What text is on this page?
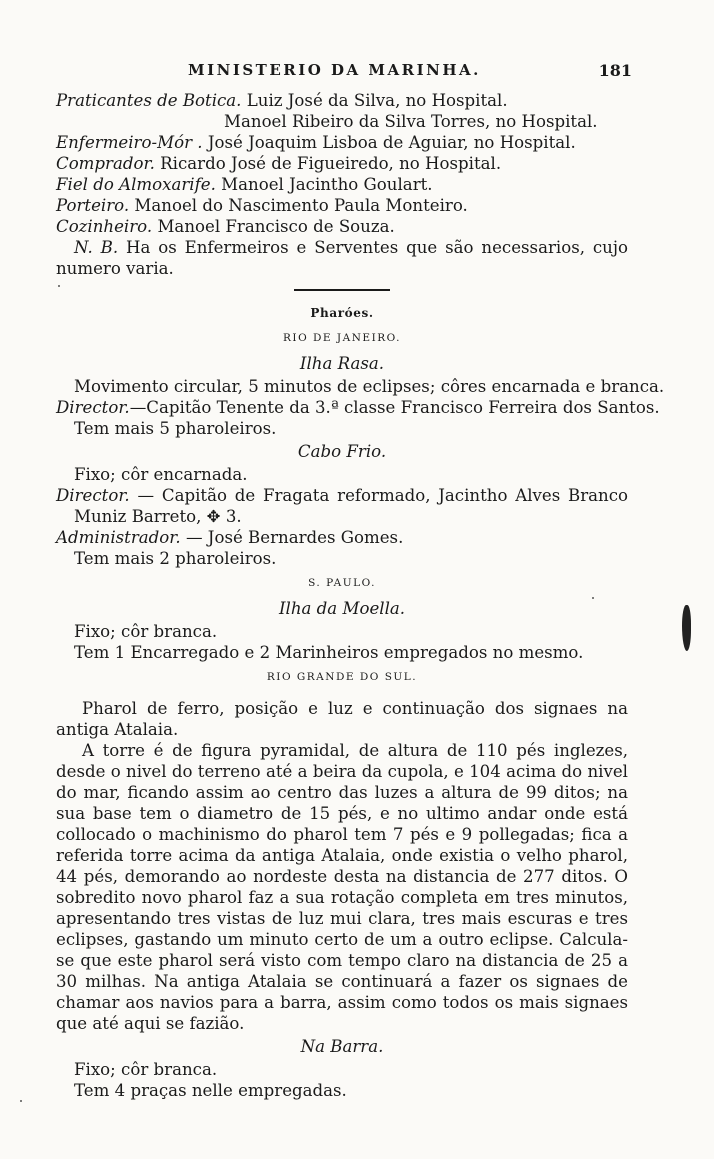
MINISTERIO DA MARINHA.	181
Praticantes de Botica. Luiz José da Silva, no Hospital.
Manoel Ribeiro da Silva Torres, no Hospital.
Enfermeiro-Mór . José Joaquim Lisboa de Aguiar, no Hospital.
Comprador. Ricardo José de Figueiredo, no Hospital.
Fiel do Almoxarife. Manoel Jacintho Goulart.
Porteiro. Manoel do Nascimento Paula Monteiro.
Cozinheiro. Manoel Francisco de Souza.
N. B. Ha os Enfermeiros e Serventes que são necessarios, cujo
numero varia.
Pharóes.
RIO DE JANEIRO.
Ilha Rasa.
Movimento circular, 5 minutos de eclipses; côres encarnada e branca.
Director.—Capitão Tenente da 3.ª classe Francisco Ferreira dos Santos.
Tem mais 5 pharoleiros.
Cabo Frio.
Fixo; côr encarnada.
Director. — Capitão de Fragata reformado, Jacintho Alves Branco
Muniz Barreto, ✥ 3.
Administrador. — José Bernardes Gomes.
Tem mais 2 pharoleiros.
S. PAULO.
Ilha da Moella.
Fixo; côr branca.
Tem 1 Encarregado e 2 Marinheiros empregados no mesmo.
RIO GRANDE DO SUL.
Pharol de ferro, posição e luz e continuação dos signaes na antiga Atalaia.
A torre é de figura pyramidal, de altura de 110 pés inglezes, desde o nivel do terreno até a beira da cupola, e 104 acima do nivel do mar, ficando assim ao centro das luzes a altura de 99 ditos; na sua base tem o diametro de 15 pés, e no ultimo andar onde está collocado o machinismo do pharol tem 7 pés e 9 pollegadas; fica a referida torre acima da antiga Atalaia, onde existia o velho pharol, 44 pés, demorando ao nordeste desta na distancia de 277 ditos. O sobredito novo pharol faz a sua rotação completa em tres minutos, apresentando tres vistas de luz mui clara, tres mais escuras e tres eclipses, gastando um minuto certo de um a outro eclipse. Calcula-se que este pharol será visto com tempo claro na distancia de 25 a 30 milhas. Na antiga Atalaia se continuará a fazer os signaes de chamar aos navios para a barra, assim como todos os mais signaes que até aqui se fazião.
Na Barra.
Fixo; côr branca.
Tem 4 praças nelle empregadas.
